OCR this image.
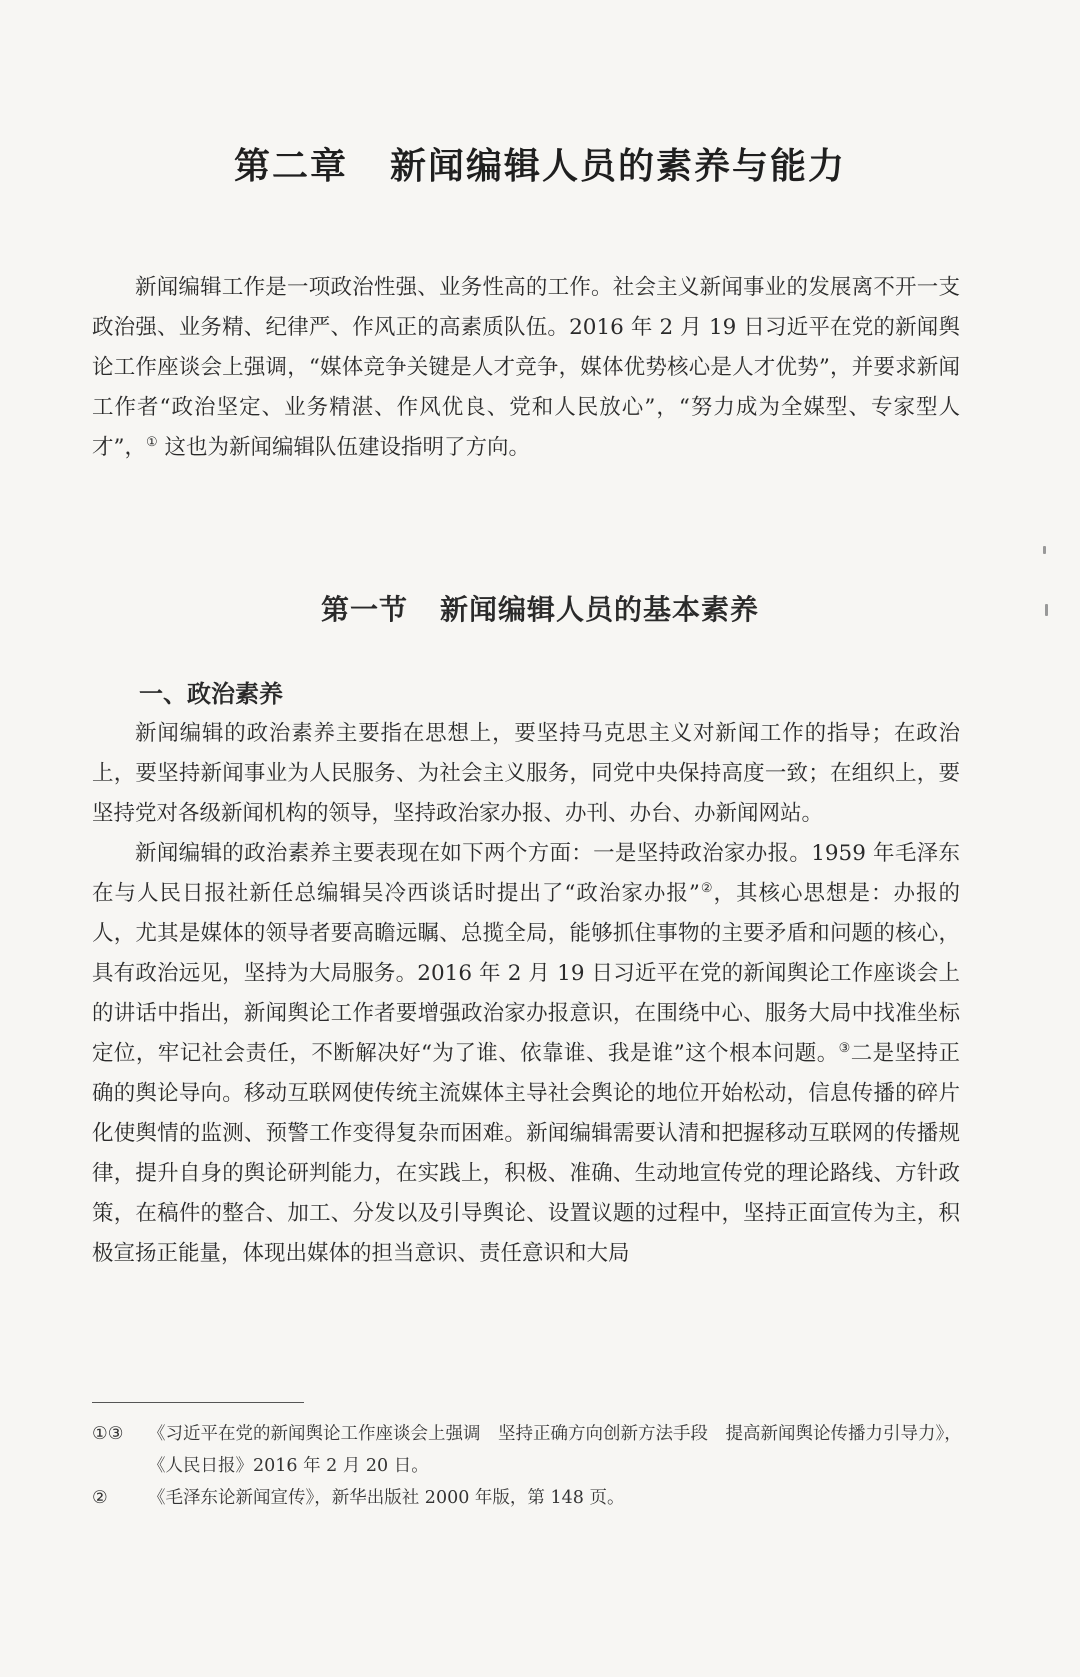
第二章 新闻编辑人员的素养与能力

新闻编辑工作是一项政治性强、业务性高的工作。社会主义新闻事业的发展离不开一支政治强、业务精、纪律严、作风正的高素质队伍。2016 年 2 月 19 日习近平在党的新闻舆论工作座谈会上强调，“媒体竞争关键是人才竞争，媒体优势核心是人才优势”，并要求新闻工作者“政治坚定、业务精湛、作风优良、党和人民放心”，“努力成为全媒型、专家型人才”，① 这也为新闻编辑队伍建设指明了方向。

第一节 新闻编辑人员的基本素养
一、政治素养

新闻编辑的政治素养主要指在思想上，要坚持马克思主义对新闻工作的指导；在政治上，要坚持新闻事业为人民服务、为社会主义服务，同党中央保持高度一致；在组织上，要坚持党对各级新闻机构的领导，坚持政治家办报、办刊、办台、办新闻网站。

新闻编辑的政治素养主要表现在如下两个方面：一是坚持政治家办报。1959 年毛泽东在与人民日报社新任总编辑吴冷西谈话时提出了“政治家办报”②，其核心思想是：办报的人，尤其是媒体的领导者要高瞻远瞩、总揽全局，能够抓住事物的主要矛盾和问题的核心，具有政治远见，坚持为大局服务。2016 年 2 月 19 日习近平在党的新闻舆论工作座谈会上的讲话中指出，新闻舆论工作者要增强政治家办报意识，在围绕中心、服务大局中找准坐标定位，牢记社会责任，不断解决好“为了谁、依靠谁、我是谁”这个根本问题。③二是坚持正确的舆论导向。移动互联网使传统主流媒体主导社会舆论的地位开始松动，信息传播的碎片化使舆情的监测、预警工作变得复杂而困难。新闻编辑需要认清和把握移动互联网的传播规律，提升自身的舆论研判能力，在实践上，积极、准确、生动地宣传党的理论路线、方针政策，在稿件的整合、加工、分发以及引导舆论、设置议题的过程中，坚持正面宣传为主，积极宣扬正能量，体现出媒体的担当意识、责任意识和大局

①③ 《习近平在党的新闻舆论工作座谈会上强调　坚持正确方向创新方法手段　提高新闻舆论传播力引导力》，《人民日报》2016 年 2 月 20 日。
② 《毛泽东论新闻宣传》，新华出版社 2000 年版，第 148 页。
